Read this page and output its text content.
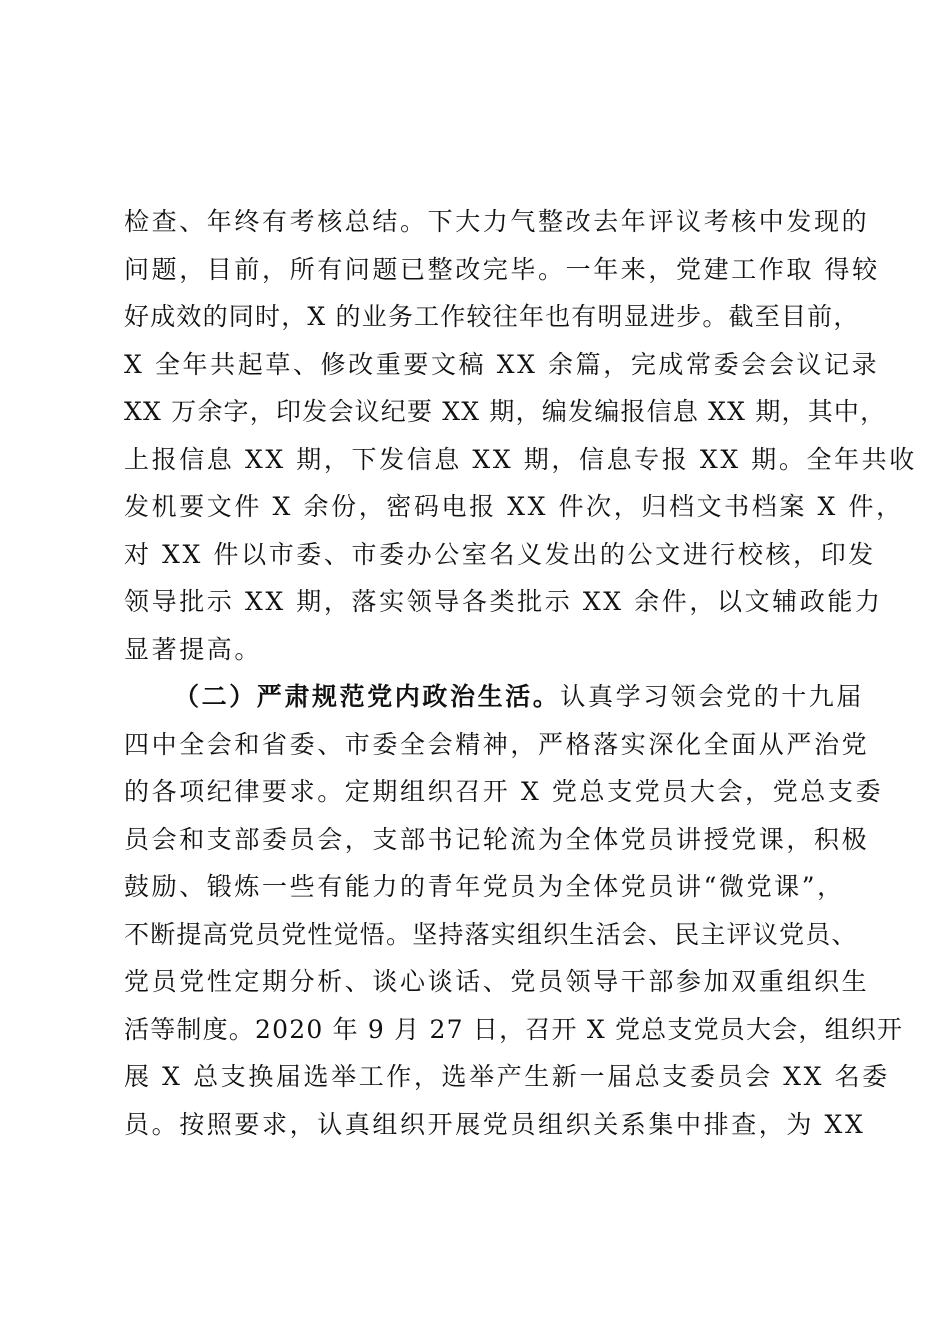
检查、年终有考核总结。下大力气整改去年评议考核中发现的
问题，目前，所有问题已整改完毕。一年来，党建工作取 得较
好成效的同时，X 的业务工作较往年也有明显进步。截至目前，
X 全年共起草、修改重要文稿 XX 余篇，完成常委会会议记录
XX 万余字，印发会议纪要 XX 期，编发编报信息 XX 期，其中，
上报信息 XX 期，下发信息 XX 期，信息专报 XX 期。全年共收
发机要文件 X 余份，密码电报 XX 件次，归档文书档案 X 件，
对 XX 件以市委、市委办公室名义发出的公文进行校核，印发
领导批示 XX 期，落实领导各类批示 XX 余件，以文辅政能力
显著提高。
（二）严肃规范党内政治生活。认真学习领会党的十九届
四中全会和省委、市委全会精神，严格落实深化全面从严治党
的各项纪律要求。定期组织召开 X 党总支党员大会，党总支委
员会和支部委员会，支部书记轮流为全体党员讲授党课，积极
鼓励、锻炼一些有能力的青年党员为全体党员讲“微党课”，
不断提高党员党性觉悟。坚持落实组织生活会、民主评议党员、
党员党性定期分析、谈心谈话、党员领导干部参加双重组织生
活等制度。2020 年 9 月 27 日，召开 X 党总支党员大会，组织开
展 X 总支换届选举工作，选举产生新一届总支委员会 XX 名委
员。按照要求，认真组织开展党员组织关系集中排查，为 XX
